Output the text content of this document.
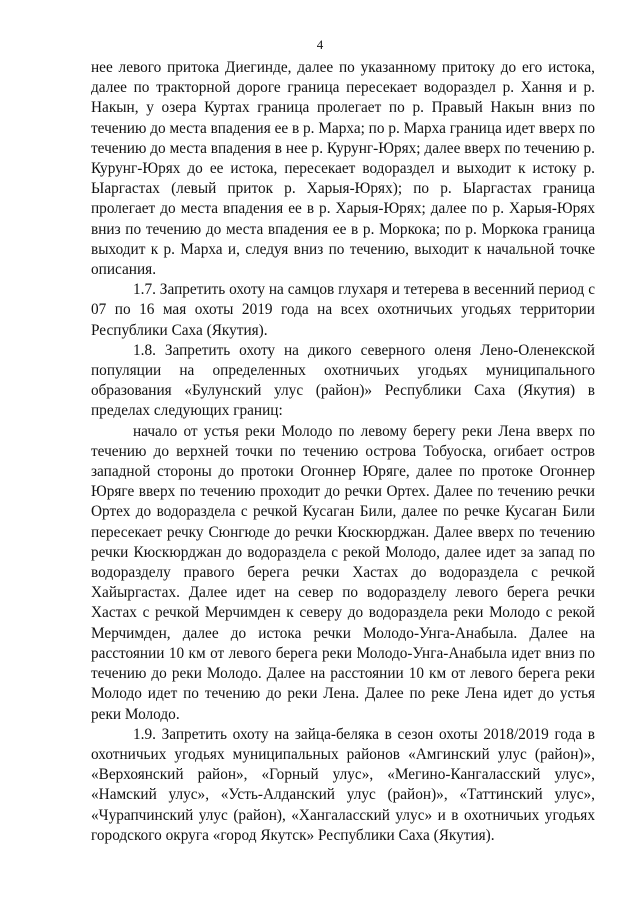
4

нее левого притока Диегинде, далее по указанному притоку до его истока, далее по тракторной дороге граница пересекает водораздел р. Хання и р. Накын, у озера Куртах граница пролегает по р. Правый Накын вниз по течению до места впадения ее в р. Марха; по р. Марха граница идет вверх по течению до места впадения в нее р. Курунг-Юрях; далее вверх по течению р. Курунг-Юрях до ее истока, пересекает водораздел и выходит к истоку р. Ыаргастах (левый приток р. Харыя-Юрях); по р. Ыаргастах граница пролегает до места впадения ее в р. Харыя-Юрях; далее по р. Харыя-Юрях вниз по течению до места впадения ее в р. Моркока; по р. Моркока граница выходит к р. Марха и, следуя вниз по течению, выходит к начальной точке описания.

1.7. Запретить охоту на самцов глухаря и тетерева в весенний период с 07 по 16 мая охоты 2019 года на всех охотничьих угодьях территории Республики Саха (Якутия).

1.8. Запретить охоту на дикого северного оленя Лено-Оленекской популяции на определенных охотничьих угодьях муниципального образования «Булунский улус (район)» Республики Саха (Якутия) в пределах следующих границ:

начало от устья реки Молодо по левому берегу реки Лена вверх по течению до верхней точки по течению острова Тобуоска, огибает остров западной стороны до протоки Огоннер Юряге, далее по протоке Огоннер Юряге вверх по течению проходит до речки Ортех. Далее по течению речки Ортех до водораздела с речкой Кусаган Били, далее по речке Кусаган Били пересекает речку Сюнгюде до речки Кюскюрджан. Далее вверх по течению речки Кюскюрджан до водораздела с рекой Молодо, далее идет за запад по водоразделу правого берега речки Хастах до водораздела с речкой Хайыргастах. Далее идет на север по водоразделу левого берега речки Хастах с речкой Мерчимден к северу до водораздела реки Молодо с рекой Мерчимден, далее до истока речки Молодо-Унга-Анабыла. Далее на расстоянии 10 км от левого берега реки Молодо-Унга-Анабыла идет вниз по течению до реки Молодо. Далее на расстоянии 10 км от левого берега реки Молодо идет по течению до реки Лена. Далее по реке Лена идет до устья реки Молодо.

1.9. Запретить охоту на зайца-беляка в сезон охоты 2018/2019 года в охотничьих угодьях муниципальных районов «Амгинский улус (район)», «Верхоянский район», «Горный улус», «Мегино-Кангаласский улус», «Намский улус», «Усть-Алданский улус (район)», «Таттинский улус», «Чурапчинский улус (район), «Хангаласский улус» и в охотничьих угодьях городского округа «город Якутск» Республики Саха (Якутия).
